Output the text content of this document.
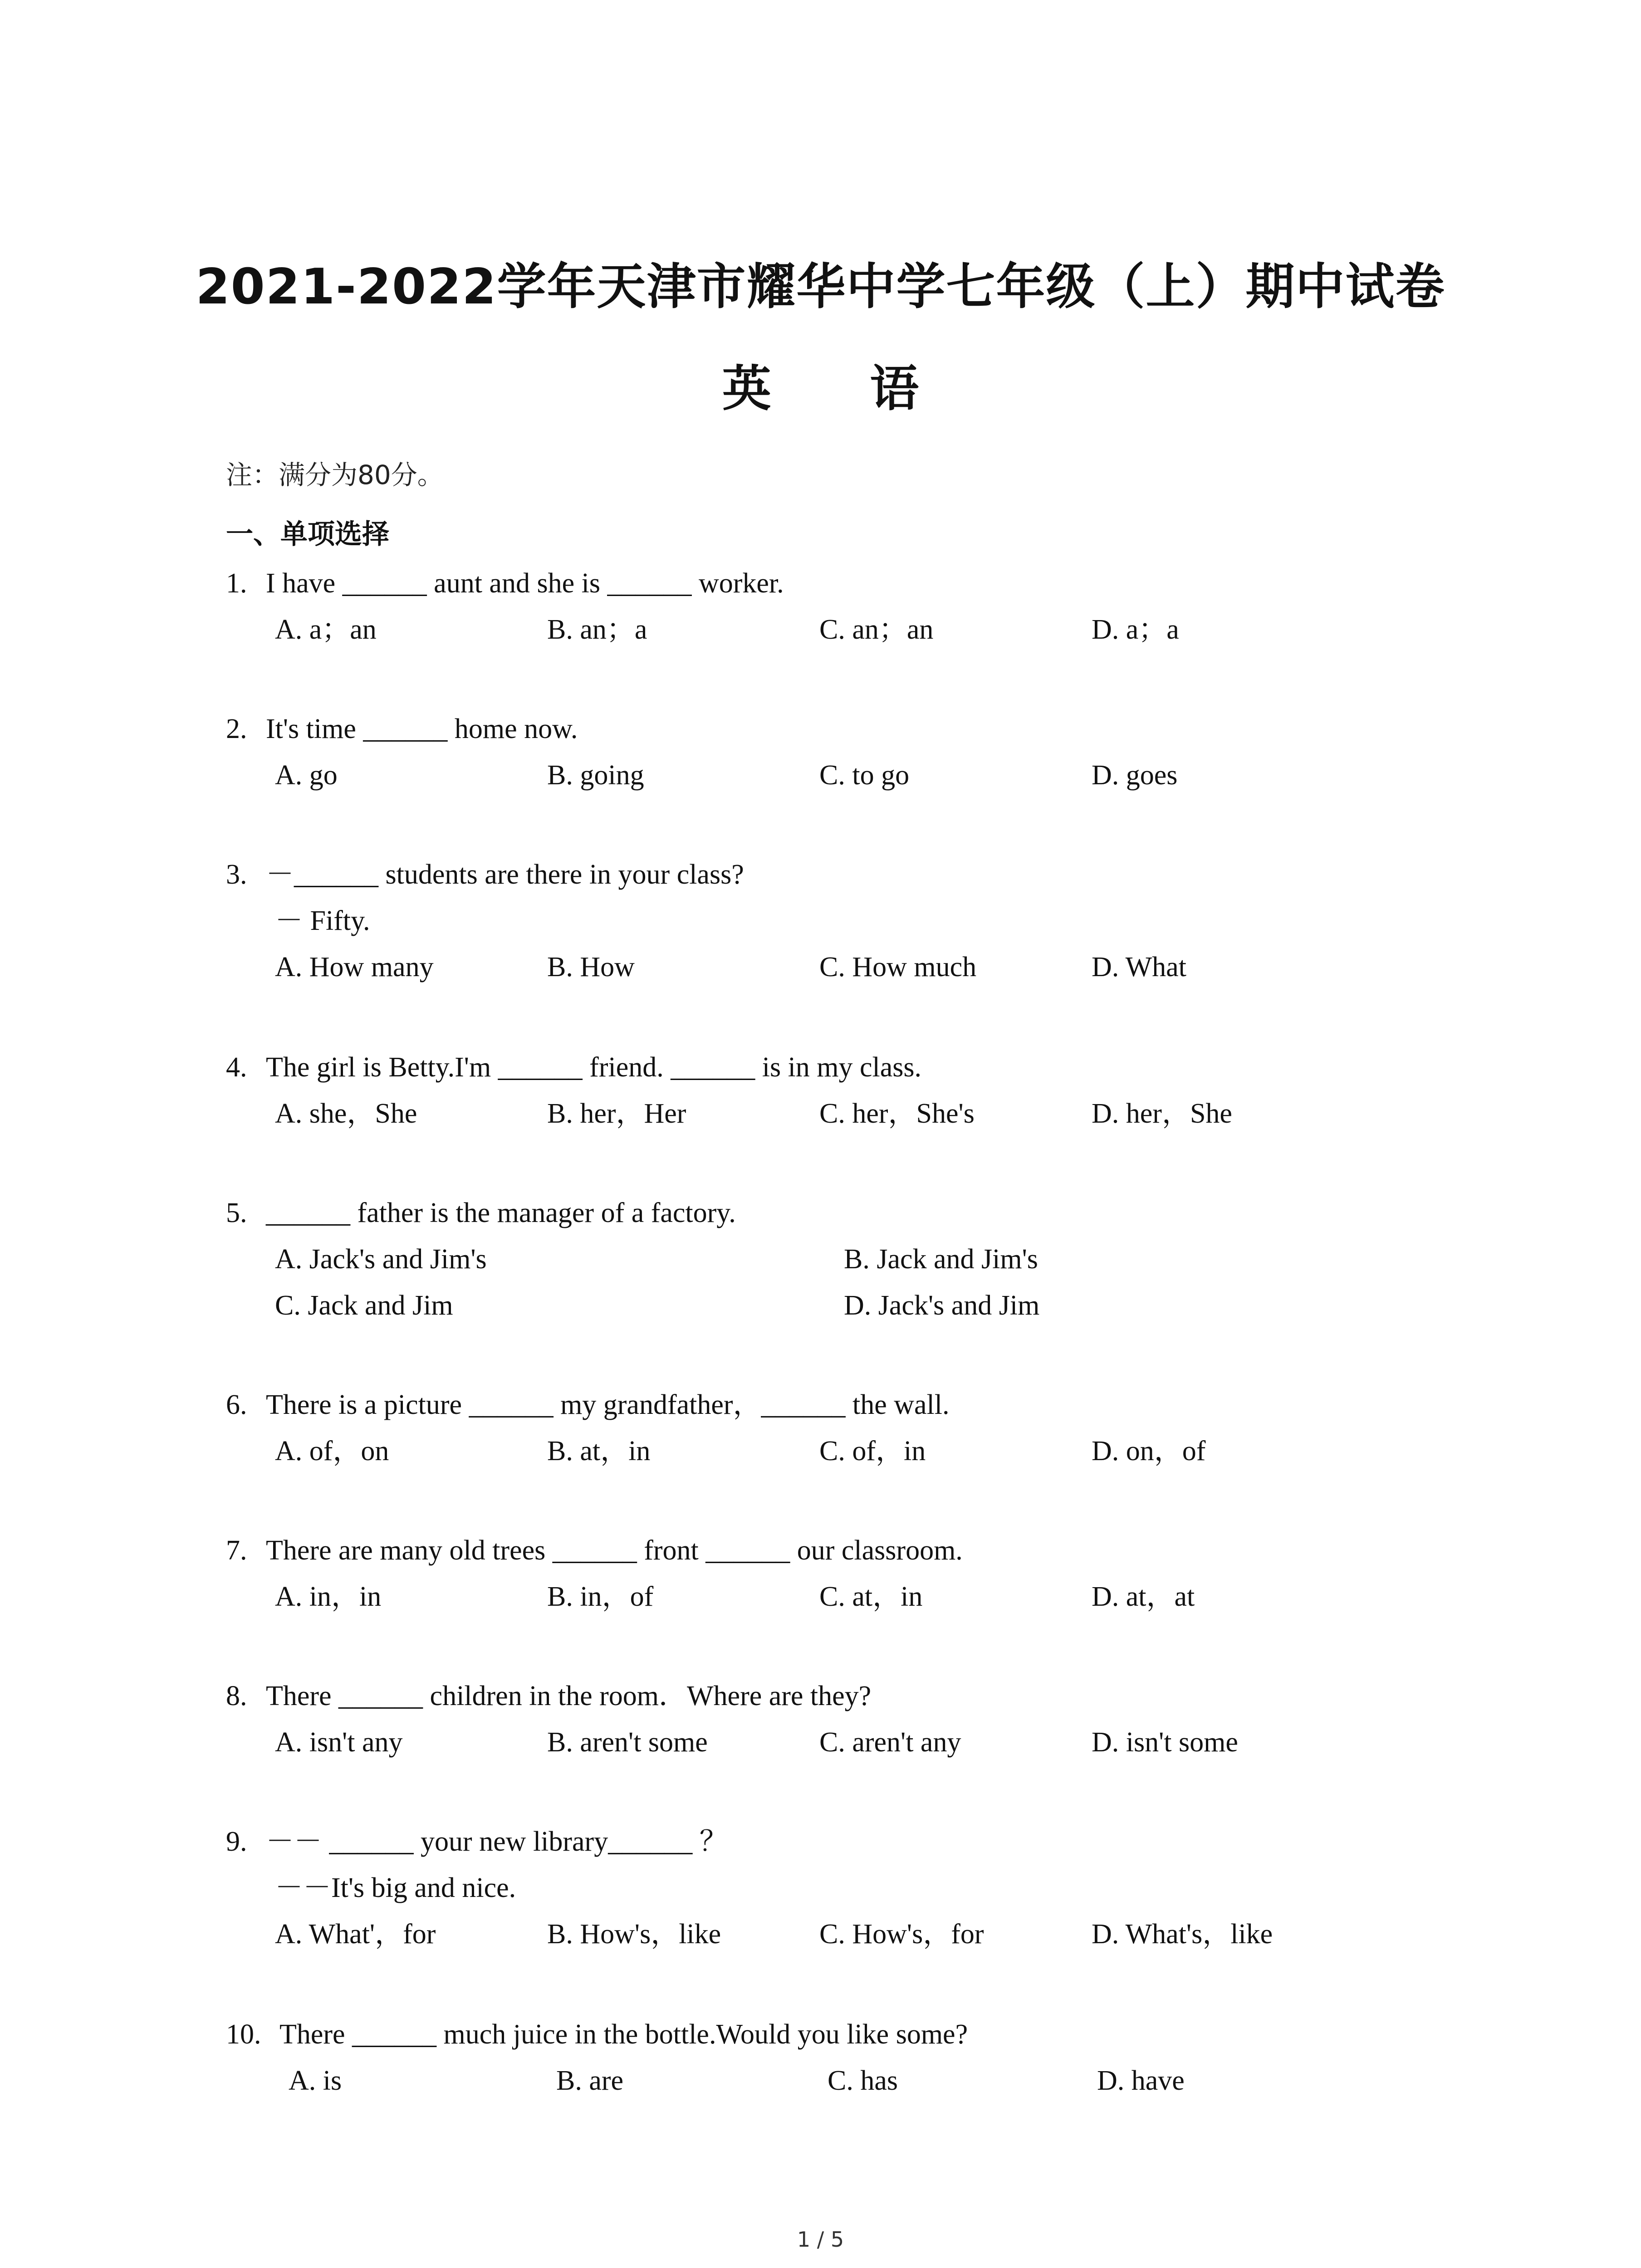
2021-2022学年天津市耀华中学七年级（上）期中试卷
英 语
注：满分为80分。
一、单项选择
1. I have ______ aunt and she is ______ worker.
A. a；an	B. an；a	C. an；an	D. a；a
2. It's time ______ home now.
A. go	B. going	C. to go	D. goes
3. －______ students are there in your class?
－ Fifty.
A. How many	B. How	C. How much	D. What
4. The girl is Betty.I'm ______ friend. ______ is in my class.
A. she，She	B. her，Her	C. her，She's	D. her，She
5. ______ father is the manager of a factory.
A. Jack's and Jim's	B. Jack and Jim's
C. Jack and Jim	D. Jack's and Jim
6. There is a picture ______ my grandfather，______ the wall.
A. of，on	B. at，in	C. of，in	D. on，of
7. There are many old trees ______ front ______ our classroom.
A. in，in	B. in，of	C. at，in	D. at，at
8. There ______ children in the room．Where are they?
A. isn't any	B. aren't some	C. aren't any	D. isn't some
9. －－ ______ your new library______ ？
－－It's big and nice.
A. What'，for	B. How's，like	C. How's，for	D. What's，like
10. There ______ much juice in the bottle.Would you like some?
A. is	B. are	C. has	D. have
1 / 5
